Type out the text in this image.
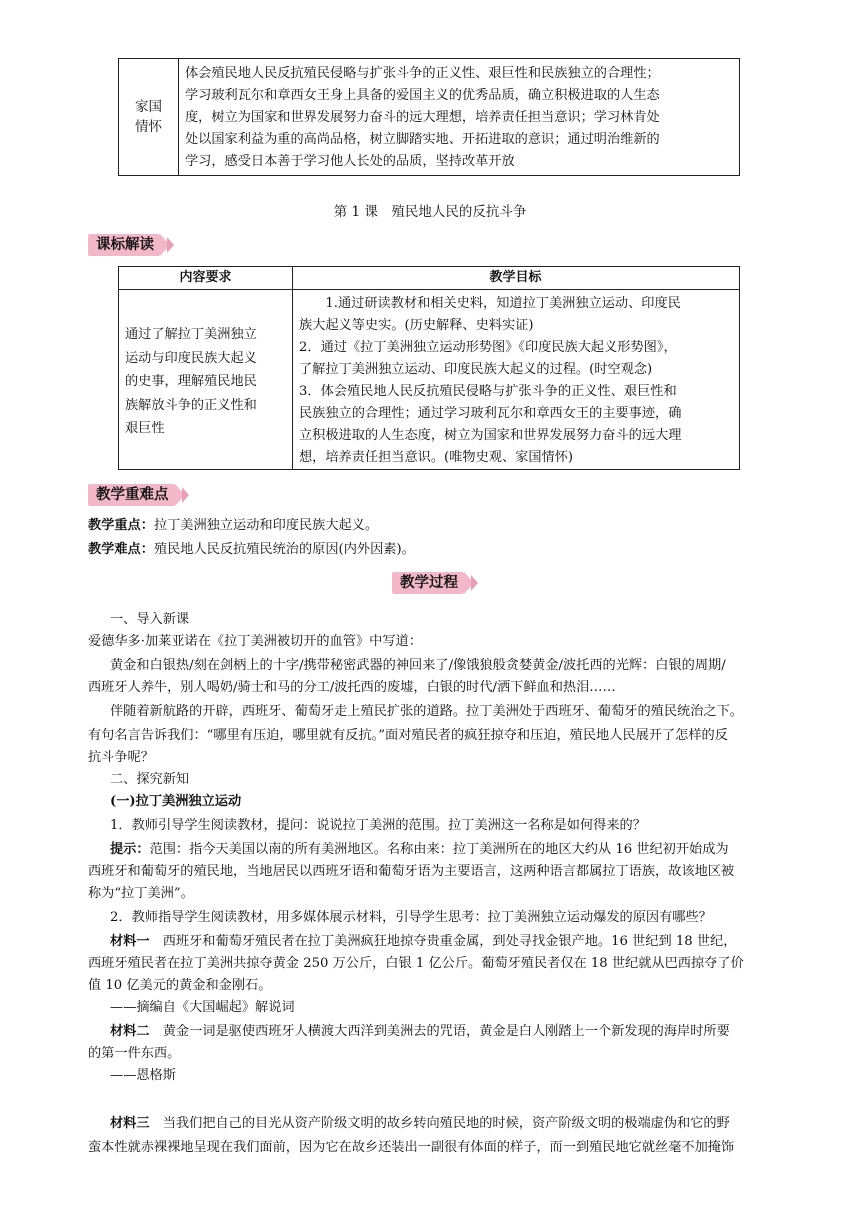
家国
情怀
体会殖民地人民反抗殖民侵略与扩张斗争的正义性、艰巨性和民族独立的合理性；
学习玻利瓦尔和章西女王身上具备的爱国主义的优秀品质，确立积极进取的人生态
度，树立为国家和世界发展努力奋斗的远大理想，培养责任担当意识；学习林肯处
处以国家利益为重的高尚品格，树立脚踏实地、开拓进取的意识；通过明治维新的
学习，感受日本善于学习他人长处的品质，坚持改革开放
第 1 课　殖民地人民的反抗斗争
课标解读
内容要求	教学目标
通过了解拉丁美洲独立
运动与印度民族大起义
的史事，理解殖民地民
族解放斗争的正义性和
艰巨性
　　1.通过研读教材和相关史料，知道拉丁美洲独立运动、印度民
族大起义等史实。(历史解释、史料实证)
2．通过《拉丁美洲独立运动形势图》《印度民族大起义形势图》，
了解拉丁美洲独立运动、印度民族大起义的过程。(时空观念)
3．体会殖民地人民反抗殖民侵略与扩张斗争的正义性、艰巨性和
民族独立的合理性；通过学习玻利瓦尔和章西女王的主要事迹，确
立积极进取的人生态度，树立为国家和世界发展努力奋斗的远大理
想，培养责任担当意识。(唯物史观、家国情怀)
教学重难点

教学重点：拉丁美洲独立运动和印度民族大起义。

教学难点：殖民地人民反抗殖民统治的原因(内外因素)。

教学过程

一、导入新课

爱德华多·加莱亚诺在《拉丁美洲被切开的血管》中写道：

黄金和白银热/刻在剑柄上的十字/携带秘密武器的神回来了/像饿狼般贪婪黄金/波托西的光辉：白银的周期/

西班牙人养牛，别人喝奶/骑士和马的分工/波托西的废墟，白银的时代/洒下鲜血和热泪……

伴随着新航路的开辟，西班牙、葡萄牙走上殖民扩张的道路。拉丁美洲处于西班牙、葡萄牙的殖民统治之下。

有句名言告诉我们：“哪里有压迫，哪里就有反抗。”面对殖民者的疯狂掠夺和压迫，殖民地人民展开了怎样的反

抗斗争呢？

二、探究新知

(一)拉丁美洲独立运动

1．教师引导学生阅读教材，提问：说说拉丁美洲的范围。拉丁美洲这一名称是如何得来的？

提示：范围：指今天美国以南的所有美洲地区。名称由来：拉丁美洲所在的地区大约从 16 世纪初开始成为

西班牙和葡萄牙的殖民地，当地居民以西班牙语和葡萄牙语为主要语言，这两种语言都属拉丁语族，故该地区被

称为“拉丁美洲”。

2．教师指导学生阅读教材，用多媒体展示材料，引导学生思考：拉丁美洲独立运动爆发的原因有哪些？

材料一　西班牙和葡萄牙殖民者在拉丁美洲疯狂地掠夺贵重金属，到处寻找金银产地。16 世纪到 18 世纪，

西班牙殖民者在拉丁美洲共掠夺黄金 250 万公斤，白银 1 亿公斤。葡萄牙殖民者仅在 18 世纪就从巴西掠夺了价

值 10 亿美元的黄金和金刚石。

——摘编自《大国崛起》解说词

材料二　黄金一词是驱使西班牙人横渡大西洋到美洲去的咒语，黄金是白人刚踏上一个新发现的海岸时所要

的第一件东西。

——恩格斯

材料三　当我们把自己的目光从资产阶级文明的故乡转向殖民地的时候，资产阶级文明的极端虚伪和它的野

蛮本性就赤裸裸地呈现在我们面前，因为它在故乡还装出一副很有体面的样子，而一到殖民地它就丝毫不加掩饰
